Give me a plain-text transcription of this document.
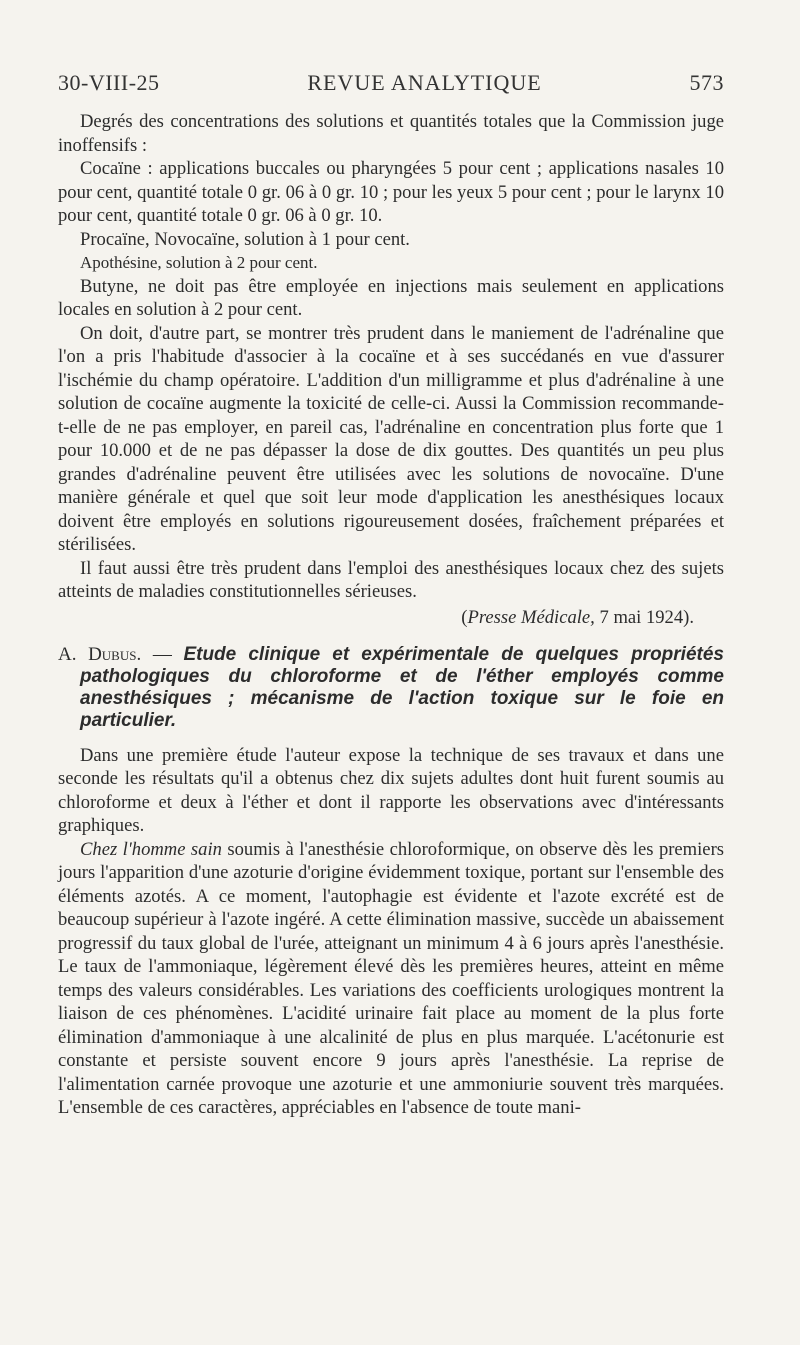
30-VIII-25	REVUE ANALYTIQUE	573

Degrés des concentrations des solutions et quantités totales que la Commission juge inoffensifs :

Cocaïne : applications buccales ou pharyngées 5 pour cent ; applications nasales 10 pour cent, quantité totale 0 gr. 06 à 0 gr. 10 ; pour les yeux 5 pour cent ; pour le larynx 10 pour cent, quantité totale 0 gr. 06 à 0 gr. 10.

Procaïne, Novocaïne, solution à 1 pour cent.

Apothésine, solution à 2 pour cent.

Butyne, ne doit pas être employée en injections mais seulement en applications locales en solution à 2 pour cent.

On doit, d'autre part, se montrer très prudent dans le maniement de l'adrénaline que l'on a pris l'habitude d'associer à la cocaïne et à ses succédanés en vue d'assurer l'ischémie du champ opératoire. L'addition d'un milligramme et plus d'adrénaline à une solution de cocaïne augmente la toxicité de celle-ci. Aussi la Commission recommande-t-elle de ne pas employer, en pareil cas, l'adrénaline en concentration plus forte que 1 pour 10.000 et de ne pas dépasser la dose de dix gouttes. Des quantités un peu plus grandes d'adrénaline peuvent être utilisées avec les solutions de novocaïne. D'une manière générale et quel que soit leur mode d'application les anesthésiques locaux doivent être employés en solutions rigoureusement dosées, fraîchement préparées et stérilisées.

Il faut aussi être très prudent dans l'emploi des anesthésiques locaux chez des sujets atteints de maladies constitutionnelles sérieuses.

(Presse Médicale, 7 mai 1924).

A. Dubus. — Etude clinique et expérimentale de quelques propriétés pathologiques du chloroforme et de l'éther employés comme anesthésiques ; mécanisme de l'action toxique sur le foie en particulier.

Dans une première étude l'auteur expose la technique de ses travaux et dans une seconde les résultats qu'il a obtenus chez dix sujets adultes dont huit furent soumis au chloroforme et deux à l'éther et dont il rapporte les observations avec d'intéressants graphiques.

Chez l'homme sain soumis à l'anesthésie chloroformique, on observe dès les premiers jours l'apparition d'une azoturie d'origine évidemment toxique, portant sur l'ensemble des éléments azotés. A ce moment, l'autophagie est évidente et l'azote excrété est de beaucoup supérieur à l'azote ingéré. A cette élimination massive, succède un abaissement progressif du taux global de l'urée, atteignant un minimum 4 à 6 jours après l'anesthésie. Le taux de l'ammoniaque, légèrement élevé dès les premières heures, atteint en même temps des valeurs considérables. Les variations des coefficients urologiques montrent la liaison de ces phénomènes. L'acidité urinaire fait place au moment de la plus forte élimination d'ammoniaque à une alcalinité de plus en plus marquée. L'acétonurie est constante et persiste souvent encore 9 jours après l'anesthésie. La reprise de l'alimentation carnée provoque une azoturie et une ammoniurie souvent très marquées. L'ensemble de ces caractères, appréciables en l'absence de toute mani-
